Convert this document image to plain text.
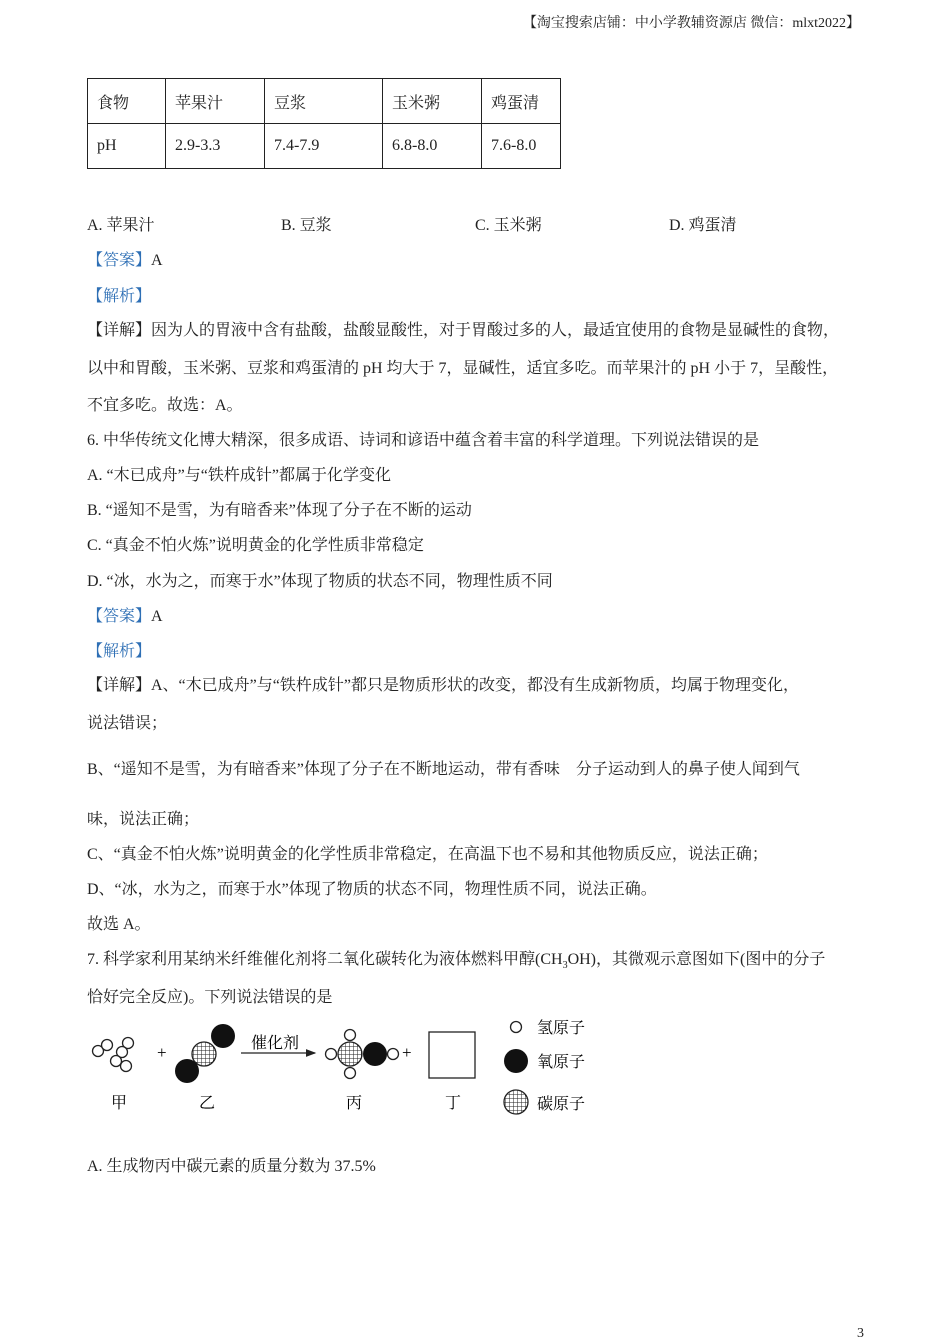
【淘宝搜索店铺：中小学教辅资源店 微信：mlxt2022】
食物	苹果汁	豆浆	玉米粥	鸡蛋清
pH	2.9-3.3	7.4-7.9	6.8-8.0	7.6-8.0
A. 苹果汁	B. 豆浆	C. 玉米粥	D. 鸡蛋清
【答案】A
【解析】
【详解】因为人的胃液中含有盐酸，盐酸显酸性，对于胃酸过多的人，最适宜使用的食物是显碱性的食物，
以中和胃酸，玉米粥、豆浆和鸡蛋清的 pH 均大于 7，显碱性，适宜多吃。而苹果汁的 pH 小于 7，呈酸性，
不宜多吃。故选：A。
6. 中华传统文化博大精深，很多成语、诗词和谚语中蕴含着丰富的科学道理。下列说法错误的是
A. “木已成舟”与“铁杵成针”都属于化学变化
B. “遥知不是雪，为有暗香来”体现了分子在不断的运动
C. “真金不怕火炼”说明黄金的化学性质非常稳定
D. “冰，水为之，而寒于水”体现了物质的状态不同，物理性质不同
【答案】A
【解析】
【详解】A、“木已成舟”与“铁杵成针”都只是物质形状的改变，都没有生成新物质，均属于物理变化，
说法错误；
B、“遥知不是雪，为有暗香来”体现了分子在不断地运动，带有香味　分子运动到人的鼻子使人闻到气
味，说法正确；
C、“真金不怕火炼”说明黄金的化学性质非常稳定，在高温下也不易和其他物质反应，说法正确；
D、“冰，水为之，而寒于水”体现了物质的状态不同，物理性质不同，说法正确。
故选 A。
7. 科学家利用某纳米纤维催化剂将二氧化碳转化为液体燃料甲醇$(CH_3OH)$，其微观示意图如下(图中的分子
恰好完全反应)。下列说法错误的是
+	催化剂	+
甲	乙	丙	丁
氢原子
氧原子
碳原子
A. 生成物丙中碳元素的质量分数为 37.5%
3
